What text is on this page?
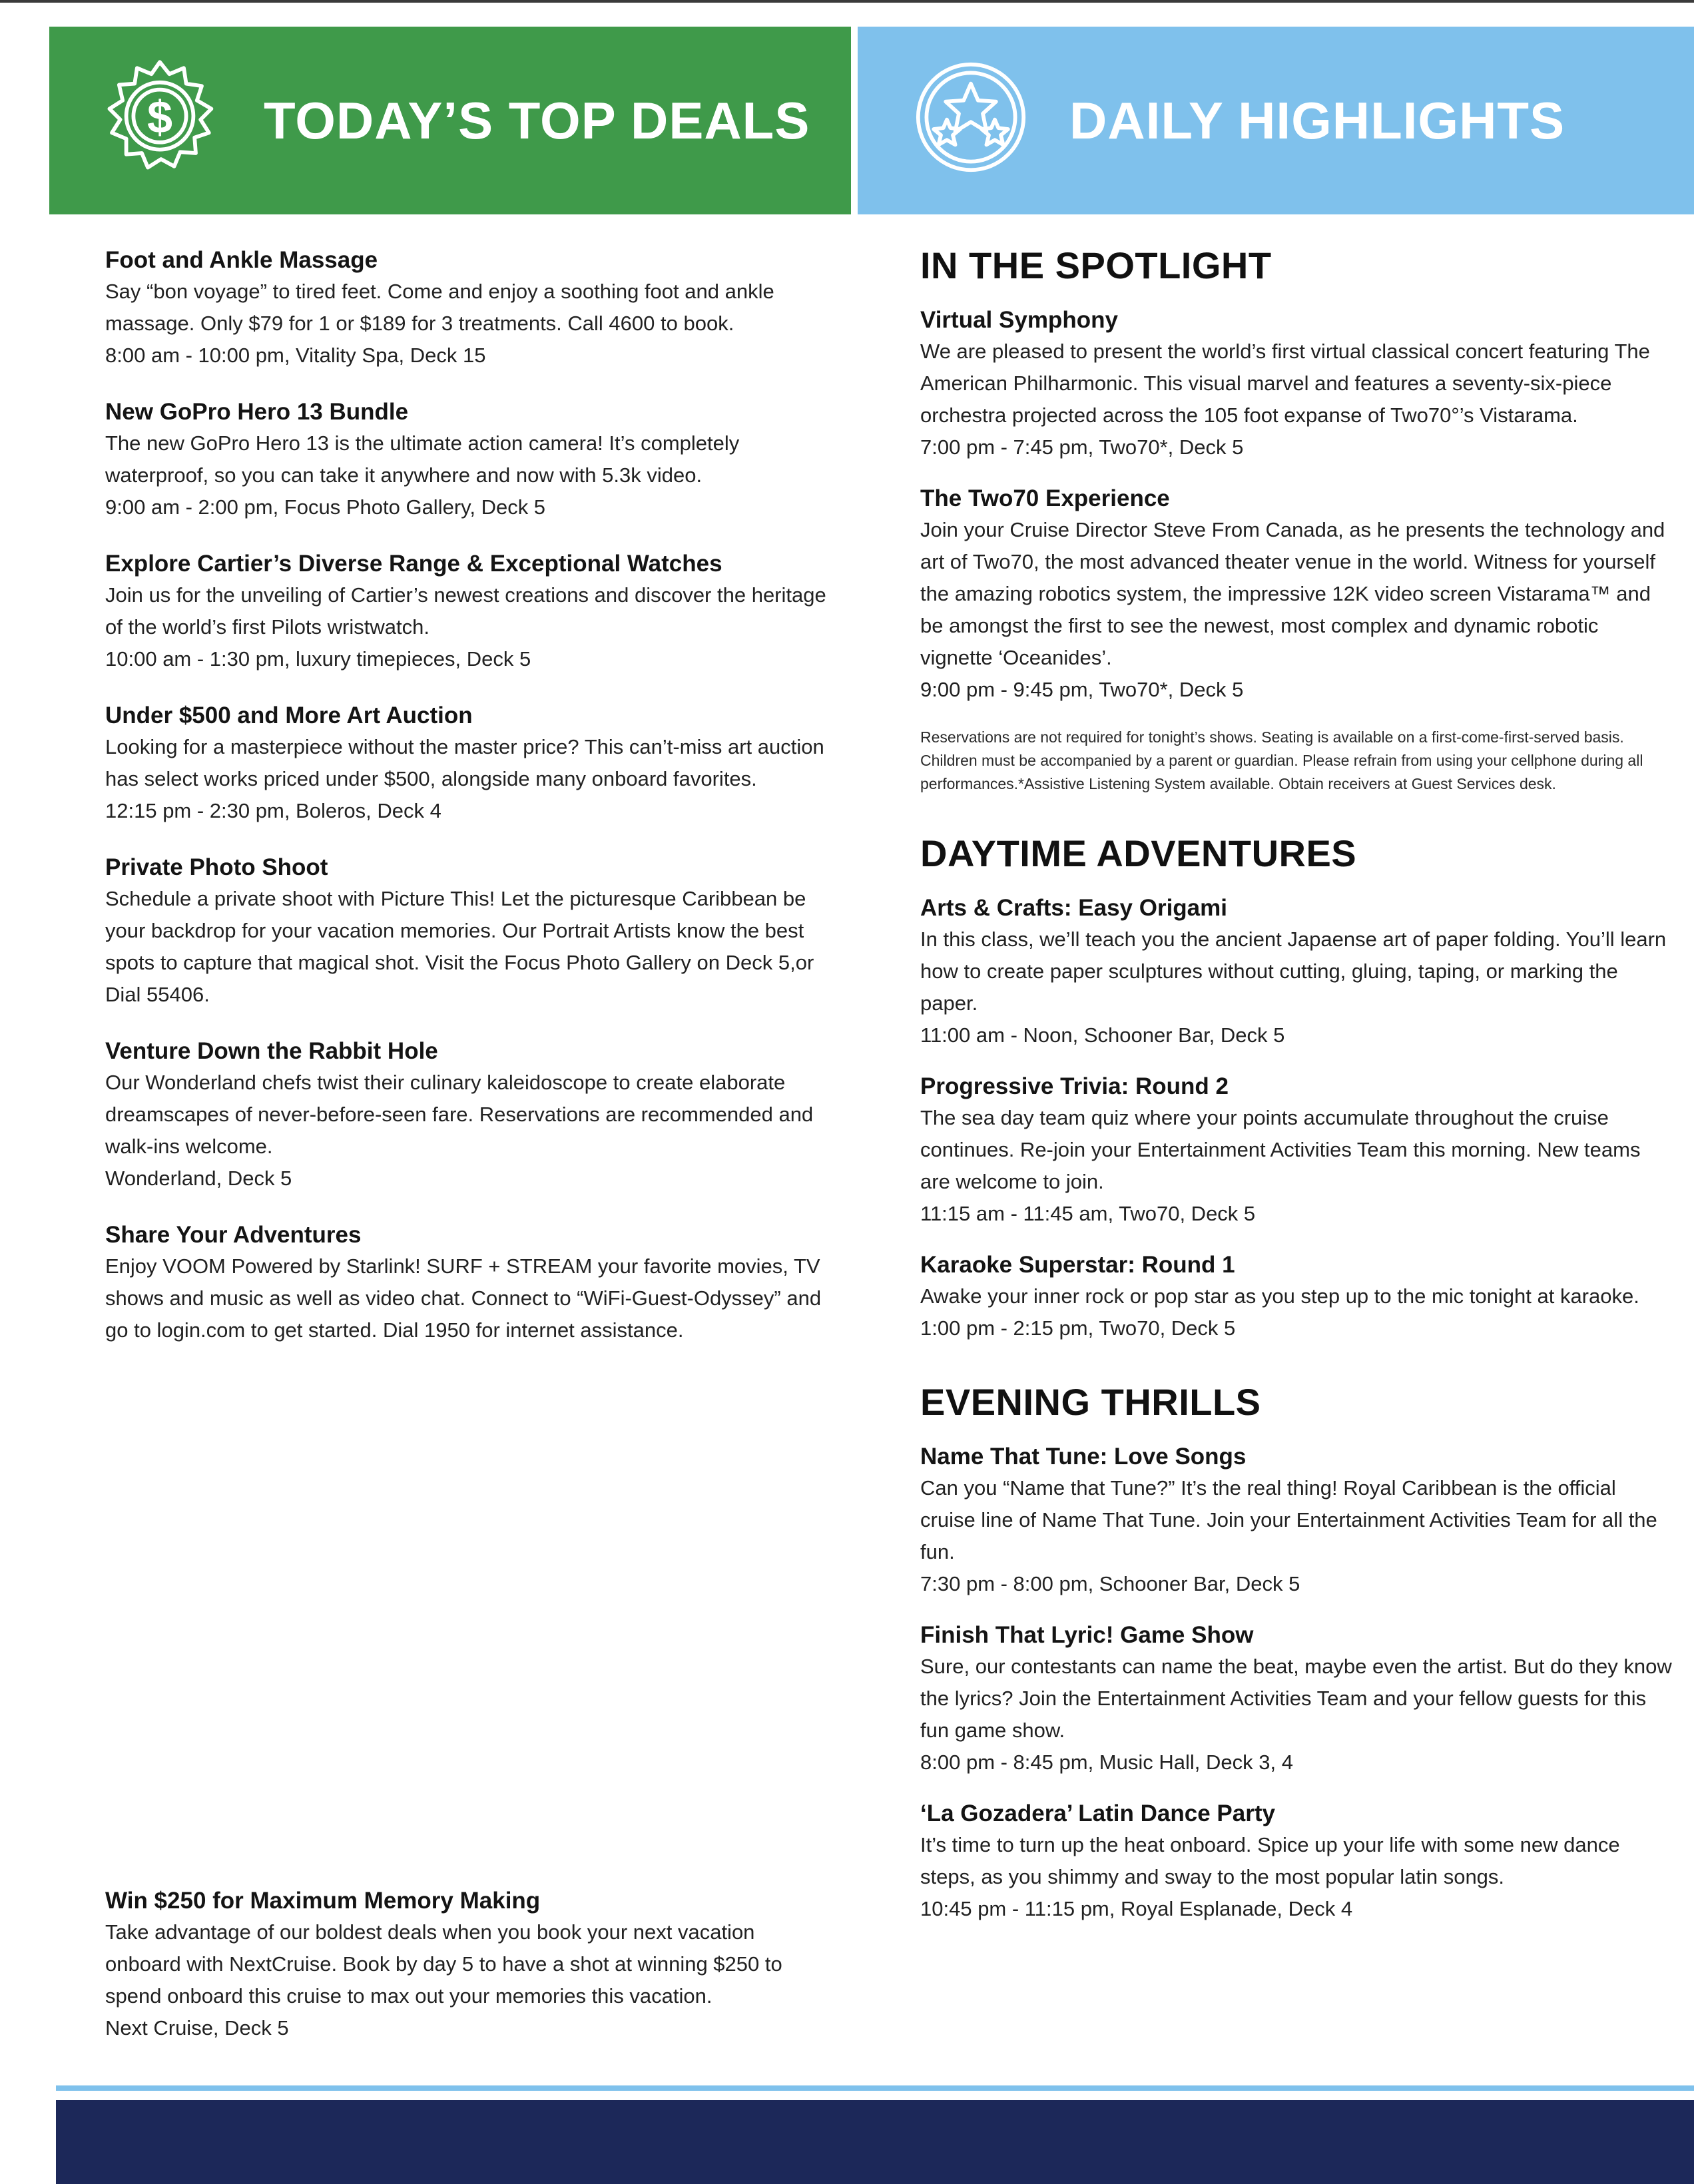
$ TODAY’S TOP DEALS	DAILY HIGHLIGHTS

Foot and Ankle Massage

Say “bon voyage” to tired feet. Come and enjoy a soothing foot and ankle massage. Only $79 for 1 or $189 for 3 treatments. Call 4600 to book.

8:00 am - 10:00 pm, Vitality Spa, Deck 15

New GoPro Hero 13 Bundle

The new GoPro Hero 13 is the ultimate action camera! It’s completely waterproof, so you can take it anywhere and now with 5.3k video.

9:00 am - 2:00 pm, Focus Photo Gallery, Deck 5

Explore Cartier’s Diverse Range & Exceptional Watches

Join us for the unveiling of Cartier’s newest creations and discover the heritage of the world’s first Pilots wristwatch.

10:00 am - 1:30 pm, luxury timepieces, Deck 5

Under $500 and More Art Auction

Looking for a masterpiece without the master price? This can’t-miss art auction has select works priced under $500, alongside many onboard favorites.

12:15 pm - 2:30 pm, Boleros, Deck 4

Private Photo Shoot

Schedule a private shoot with Picture This! Let the picturesque Caribbean be your backdrop for your vacation memories. Our Portrait Artists know the best spots to capture that magical shot. Visit the Focus Photo Gallery on Deck 5,or Dial 55406.

Venture Down the Rabbit Hole

Our Wonderland chefs twist their culinary kaleidoscope to create elaborate dreamscapes of never-before-seen fare. Reservations are recommended and walk-ins welcome.

Wonderland, Deck 5

Share Your Adventures

Enjoy VOOM Powered by Starlink! SURF + STREAM your favorite movies, TV shows and music as well as video chat. Connect to “WiFi-Guest-Odyssey” and go to login.com to get started. Dial 1950 for internet assistance.

Win $250 for Maximum Memory Making

Take advantage of our boldest deals when you book your next vacation onboard with NextCruise. Book by day 5 to have a shot at winning $250 to spend onboard this cruise to max out your memories this vacation.

Next Cruise, Deck 5

IN THE SPOTLIGHT

Virtual Symphony

We are pleased to present the world’s first virtual classical concert featuring The American Philharmonic. This visual marvel and features a seventy-six-piece orchestra projected across the 105 foot expanse of Two70°’s Vistarama.

7:00 pm - 7:45 pm, Two70*, Deck 5

The Two70 Experience

Join your Cruise Director Steve From Canada, as he presents the technology and art of Two70, the most advanced theater venue in the world. Witness for yourself the amazing robotics system, the impressive 12K video screen Vistarama™ and be amongst the first to see the newest, most complex and dynamic robotic vignette ‘Oceanides’.

9:00 pm - 9:45 pm, Two70*, Deck 5

Reservations are not required for tonight’s shows. Seating is available on a first-come-first-served basis. Children must be accompanied by a parent or guardian. Please refrain from using your cellphone during all performances.*Assistive Listening System available. Obtain receivers at Guest Services desk.
DAYTIME ADVENTURES

Arts & Crafts: Easy Origami

In this class, we’ll teach you the ancient Japaense art of paper folding. You’ll learn how to create paper sculptures without cutting, gluing, taping, or marking the paper.

11:00 am - Noon, Schooner Bar, Deck 5

Progressive Trivia: Round 2

The sea day team quiz where your points accumulate throughout the cruise continues. Re-join your Entertainment Activities Team this morning. New teams are welcome to join.

11:15 am - 11:45 am, Two70, Deck 5

Karaoke Superstar: Round 1

Awake your inner rock or pop star as you step up to the mic tonight at karaoke.

1:00 pm - 2:15 pm, Two70, Deck 5

EVENING THRILLS

Name That Tune: Love Songs

Can you “Name that Tune?” It’s the real thing! Royal Caribbean is the official cruise line of Name That Tune. Join your Entertainment Activities Team for all the fun.

7:30 pm - 8:00 pm, Schooner Bar, Deck 5

Finish That Lyric! Game Show

Sure, our contestants can name the beat, maybe even the artist. But do they know the lyrics? Join the Entertainment Activities Team and your fellow guests for this fun game show.

8:00 pm - 8:45 pm, Music Hall, Deck 3, 4

‘La Gozadera’ Latin Dance Party

It’s time to turn up the heat onboard. Spice up your life with some new dance steps, as you shimmy and sway to the most popular latin songs.

10:45 pm - 11:15 pm, Royal Esplanade, Deck 4
